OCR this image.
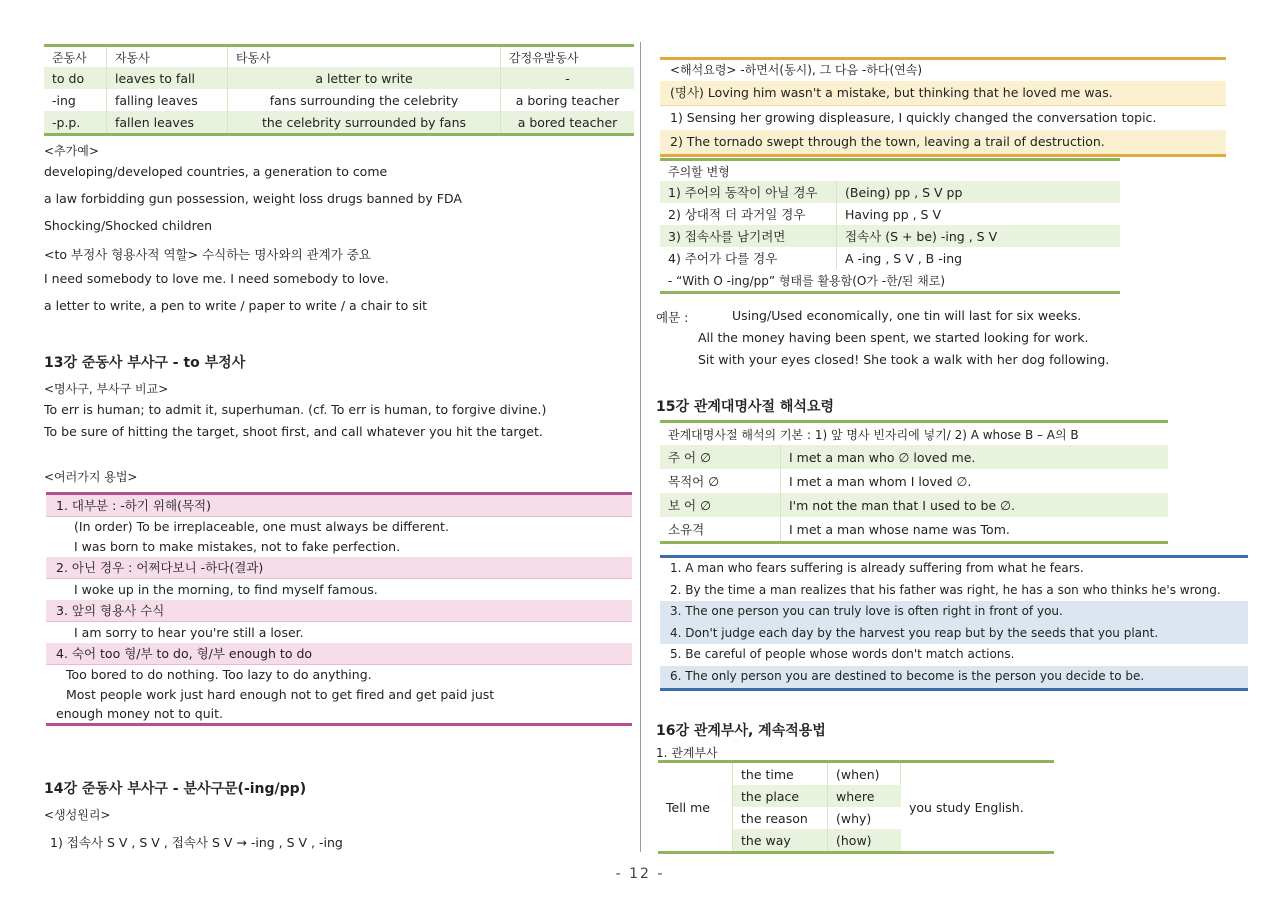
준동사	자동사	타동사	감정유발동사
to do	leaves to fall	a letter to write	-
-ing	falling leaves	fans surrounding the celebrity	a boring teacher
-p.p.	fallen leaves	the celebrity surrounded by fans	a bored teacher
<추가예>
developing/developed countries, a generation to come
a law forbidding gun possession, weight loss drugs banned by FDA
Shocking/Shocked children
<to 부정사 형용사적 역할> 수식하는 명사와의 관계가 중요
I need somebody to love me. I need somebody to love.
a letter to write, a pen to write / paper to write / a chair to sit
13강 준동사 부사구 - to 부정사
<명사구, 부사구 비교>
To err is human; to admit it, superhuman. (cf. To err is human, to forgive divine.)
To be sure of hitting the target, shoot first, and call whatever you hit the target.
<여러가지 용법>
1. 대부분 : -하기 위해(목적)
(In order) To be irreplaceable, one must always be different.
I was born to make mistakes, not to fake perfection.
2. 아닌 경우 : 어쩌다보니 -하다(결과)
I woke up in the morning, to find myself famous.
3. 앞의 형용사 수식
I am sorry to hear you're still a loser.
4. 숙어 too 형/부 to do, 형/부 enough to do
Too bored to do nothing. Too lazy to do anything.
Most people work just hard enough not to get fired and get paid just
enough money not to quit.
14강 준동사 부사구 - 분사구문(-ing/pp)
<생성원리>
1) 접속사 S V , S V , 접속사 S V → -ing , S V , -ing
<해석요령> -하면서(동시), 그 다음 -하다(연속)
(명사) Loving him wasn't a mistake, but thinking that he loved me was.
1) Sensing her growing displeasure, I quickly changed the conversation topic.
2) The tornado swept through the town, leaving a trail of destruction.
주의할 변형	
1) 주어의 동작이 아닐 경우	(Being) pp , S V pp
2) 상대적 더 과거일 경우	Having pp , S V
3) 접속사를 남기려면	접속사 (S + be) -ing , S V
4) 주어가 다를 경우	A -ing , S V , B -ing
- “With O -ing/pp” 형태를 활용함(O가 -한/된 채로)	
예문 :	Using/Used economically, one tin will last for six weeks.
All the money having been spent, we started looking for work.
Sit with your eyes closed! She took a walk with her dog following.
15강 관계대명사절 해석요령
관계대명사절 해석의 기본 : 1) 앞 명사 빈자리에 넣기/ 2) A whose B – A의 B	
주 어 ∅	I met a man who ∅ loved me.
목적어 ∅	I met a man whom I loved ∅.
보 어 ∅	I'm not the man that I used to be ∅.
소유격	I met a man whose name was Tom.
1. A man who fears suffering is already suffering from what he fears.
2. By the time a man realizes that his father was right, he has a son who thinks he's wrong.
3. The one person you can truly love is often right in front of you.
4. Don't judge each day by the harvest you reap but by the seeds that you plant.
5. Be careful of people whose words don't match actions.
6. The only person you are destined to become is the person you decide to be.
16강 관계부사, 계속적용법
1. 관계부사
Tell me	the time	(when)	you study English.
	the place	where	
	the reason	(why)	
	the way	(how)	
- 12 -
